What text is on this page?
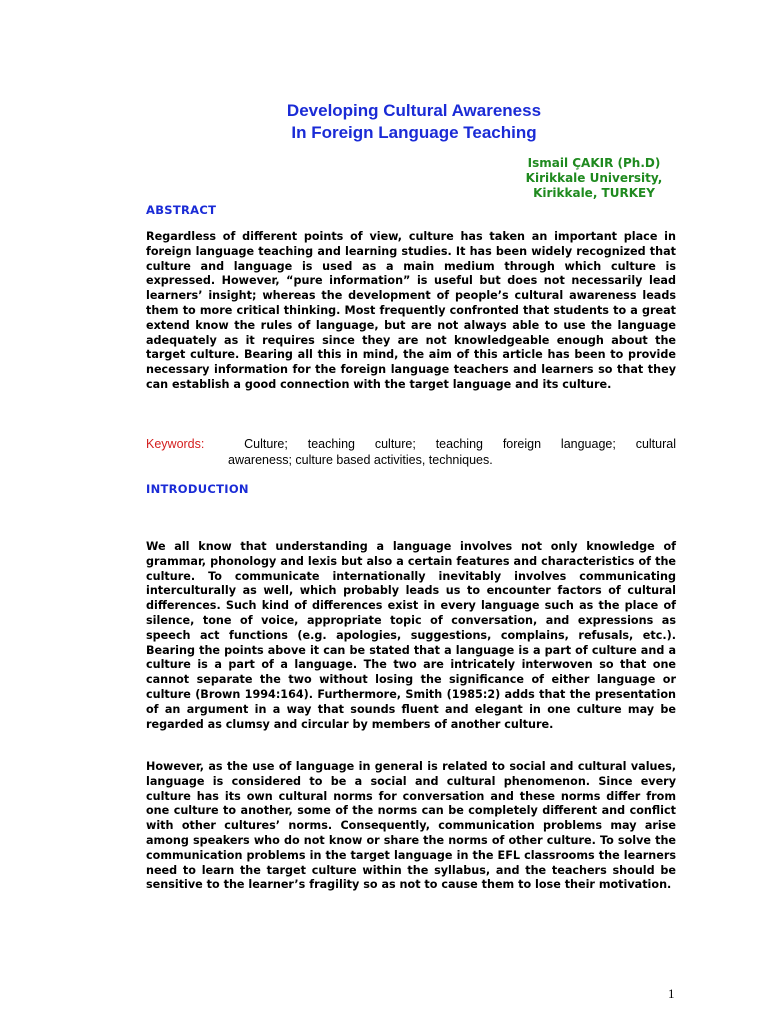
Developing Cultural Awareness
In Foreign Language Teaching
Ismail ÇAKIR (Ph.D)
Kirikkale University,
Kirikkale, TURKEY
ABSTRACT
Regardless of different points of view, culture has taken an important place in foreign language teaching and learning studies. It has been widely recognized that culture and language is used as a main medium through which culture is expressed. However, “pure information” is useful but does not necessarily lead learners’ insight; whereas the development of people’s cultural awareness leads them to more critical thinking. Most frequently confronted that students to a great extend know the rules of language, but are not always able to use the language adequately as it requires since they are not knowledgeable enough about the target culture. Bearing all this in mind, the aim of this article has been to provide necessary information for the foreign language teachers and learners so that they can establish a good connection with the target language and its culture.
Keywords:	Culture; teaching culture; teaching foreign language; cultural
awareness; culture based activities, techniques.
INTRODUCTION
We all know that understanding a language involves not only knowledge of grammar, phonology and lexis but also a certain features and characteristics of the culture. To communicate internationally inevitably involves communicating interculturally as well, which probably leads us to encounter factors of cultural differences. Such kind of differences exist in every language such as the place of silence, tone of voice, appropriate topic of conversation, and expressions as speech act functions (e.g. apologies, suggestions, complains, refusals, etc.). Bearing the points above it can be stated that a language is a part of culture and a culture is a part of a language. The two are intricately interwoven so that one cannot separate the two without losing the significance of either language or culture (Brown 1994:164). Furthermore, Smith (1985:2) adds that the presentation of an argument in a way that sounds fluent and elegant in one culture may be regarded as clumsy and circular by members of another culture.
However, as the use of language in general is related to social and cultural values, language is considered to be a social and cultural phenomenon. Since every culture has its own cultural norms for conversation and these norms differ from one culture to another, some of the norms can be completely different and conflict with other cultures’ norms. Consequently, communication problems may arise among speakers who do not know or share the norms of other culture. To solve the communication problems in the target language in the EFL classrooms the learners need to learn the target culture within the syllabus, and the teachers should be sensitive to the learner’s fragility so as not to cause them to lose their motivation.
1
